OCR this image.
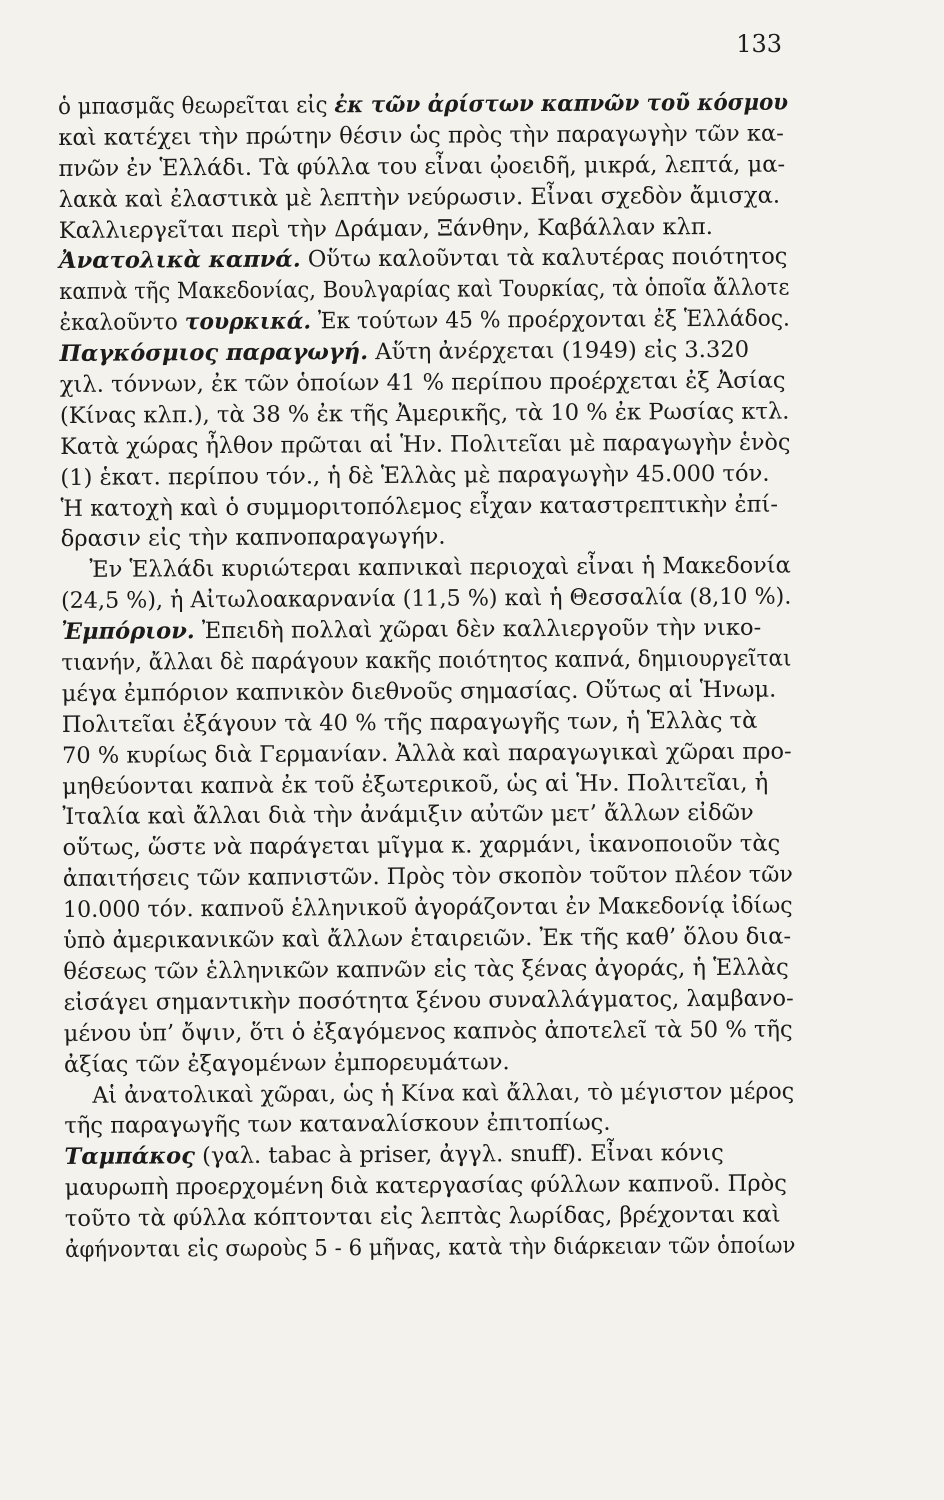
133
ὁ μπασμᾶς θεωρεῖται εἰς ἐκ τῶν ἀρίστων καπνῶν τοῦ κόσμου
καὶ κατέχει τὴν πρώτην θέσιν ὡς πρὸς τὴν παραγωγὴν τῶν κα-
πνῶν ἐν Ἑλλάδι. Τὰ φύλλα του εἶναι ᾠοειδῆ, μικρά, λεπτά, μα-
λακὰ καὶ ἐλαστικὰ μὲ λεπτὴν νεύρωσιν. Εἶναι σχεδὸν ἄμισχα.
Καλλιεργεῖται περὶ τὴν Δράμαν, Ξάνθην, Καβάλλαν κλπ.
Ἀνατολικὰ καπνά. Οὕτω καλοῦνται τὰ καλυτέρας ποιότητος
καπνὰ τῆς Μακεδονίας, Βουλγαρίας καὶ Τουρκίας, τὰ ὁποῖα ἄλλοτε
ἐκαλοῦντο τουρκικά. Ἐκ τούτων 45 % προέρχονται ἐξ Ἑλλάδος.
Παγκόσμιος παραγωγή. Αὕτη ἀνέρχεται (1949) εἰς 3.320
χιλ. τόννων, ἐκ τῶν ὁποίων 41 % περίπου προέρχεται ἐξ Ἀσίας
(Κίνας κλπ.), τὰ 38 % ἐκ τῆς Ἀμερικῆς, τὰ 10 % ἐκ Ρωσίας κτλ.
Κατὰ χώρας ἦλθον πρῶται αἱ Ἡν. Πολιτεῖαι μὲ παραγωγὴν ἑνὸς
(1) ἑκατ. περίπου τόν., ἡ δὲ Ἑλλὰς μὲ παραγωγὴν 45.000 τόν.
Ἡ κατοχὴ καὶ ὁ συμμοριτοπόλεμος εἶχαν καταστρεπτικὴν ἐπί-
δρασιν εἰς τὴν καπνοπαραγωγήν.
Ἐν Ἑλλάδι κυριώτεραι καπνικαὶ περιοχαὶ εἶναι ἡ Μακεδονία
(24,5 %), ἡ Αἰτωλοακαρνανία (11,5 %) καὶ ἡ Θεσσαλία (8,10 %).
Ἐμπόριον. Ἐπειδὴ πολλαὶ χῶραι δὲν καλλιεργοῦν τὴν νικο-
τιανήν, ἄλλαι δὲ παράγουν κακῆς ποιότητος καπνά, δημιουργεῖται
μέγα ἐμπόριον καπνικὸν διεθνοῦς σημασίας. Οὕτως αἱ Ἡνωμ.
Πολιτεῖαι ἐξάγουν τὰ 40 % τῆς παραγωγῆς των, ἡ Ἑλλὰς τὰ
70 % κυρίως διὰ Γερμανίαν. Ἀλλὰ καὶ παραγωγικαὶ χῶραι προ-
μηθεύονται καπνὰ ἐκ τοῦ ἐξωτερικοῦ, ὡς αἱ Ἡν. Πολιτεῖαι, ἡ
Ἰταλία καὶ ἄλλαι διὰ τὴν ἀνάμιξιν αὐτῶν μετ’ ἄλλων εἰδῶν
οὕτως, ὥστε νὰ παράγεται μῖγμα κ. χαρμάνι, ἱκανοποιοῦν τὰς
ἀπαιτήσεις τῶν καπνιστῶν. Πρὸς τὸν σκοπὸν τοῦτον πλέον τῶν
10.000 τόν. καπνοῦ ἑλληνικοῦ ἀγοράζονται ἐν Μακεδονίᾳ ἰδίως
ὑπὸ ἀμερικανικῶν καὶ ἄλλων ἑταιρειῶν. Ἐκ τῆς καθ’ ὅλου δια-
θέσεως τῶν ἑλληνικῶν καπνῶν εἰς τὰς ξένας ἀγοράς, ἡ Ἑλλὰς
εἰσάγει σημαντικὴν ποσότητα ξένου συναλλάγματος, λαμβανο-
μένου ὑπ’ ὄψιν, ὅτι ὁ ἐξαγόμενος καπνὸς ἀποτελεῖ τὰ 50 % τῆς
ἀξίας τῶν ἐξαγομένων ἐμπορευμάτων.
Αἱ ἀνατολικαὶ χῶραι, ὡς ἡ Κίνα καὶ ἄλλαι, τὸ μέγιστον μέρος
τῆς παραγωγῆς των καταναλίσκουν ἐπιτοπίως.
Ταμπάκος (γαλ. tabac à priser, ἀγγλ. snuff). Εἶναι κόνις
μαυρωπὴ προερχομένη διὰ κατεργασίας φύλλων καπνοῦ. Πρὸς
τοῦτο τὰ φύλλα κόπτονται εἰς λεπτὰς λωρίδας, βρέχονται καὶ
ἀφήνονται εἰς σωροὺς 5 - 6 μῆνας, κατὰ τὴν διάρκειαν τῶν ὁποίων
